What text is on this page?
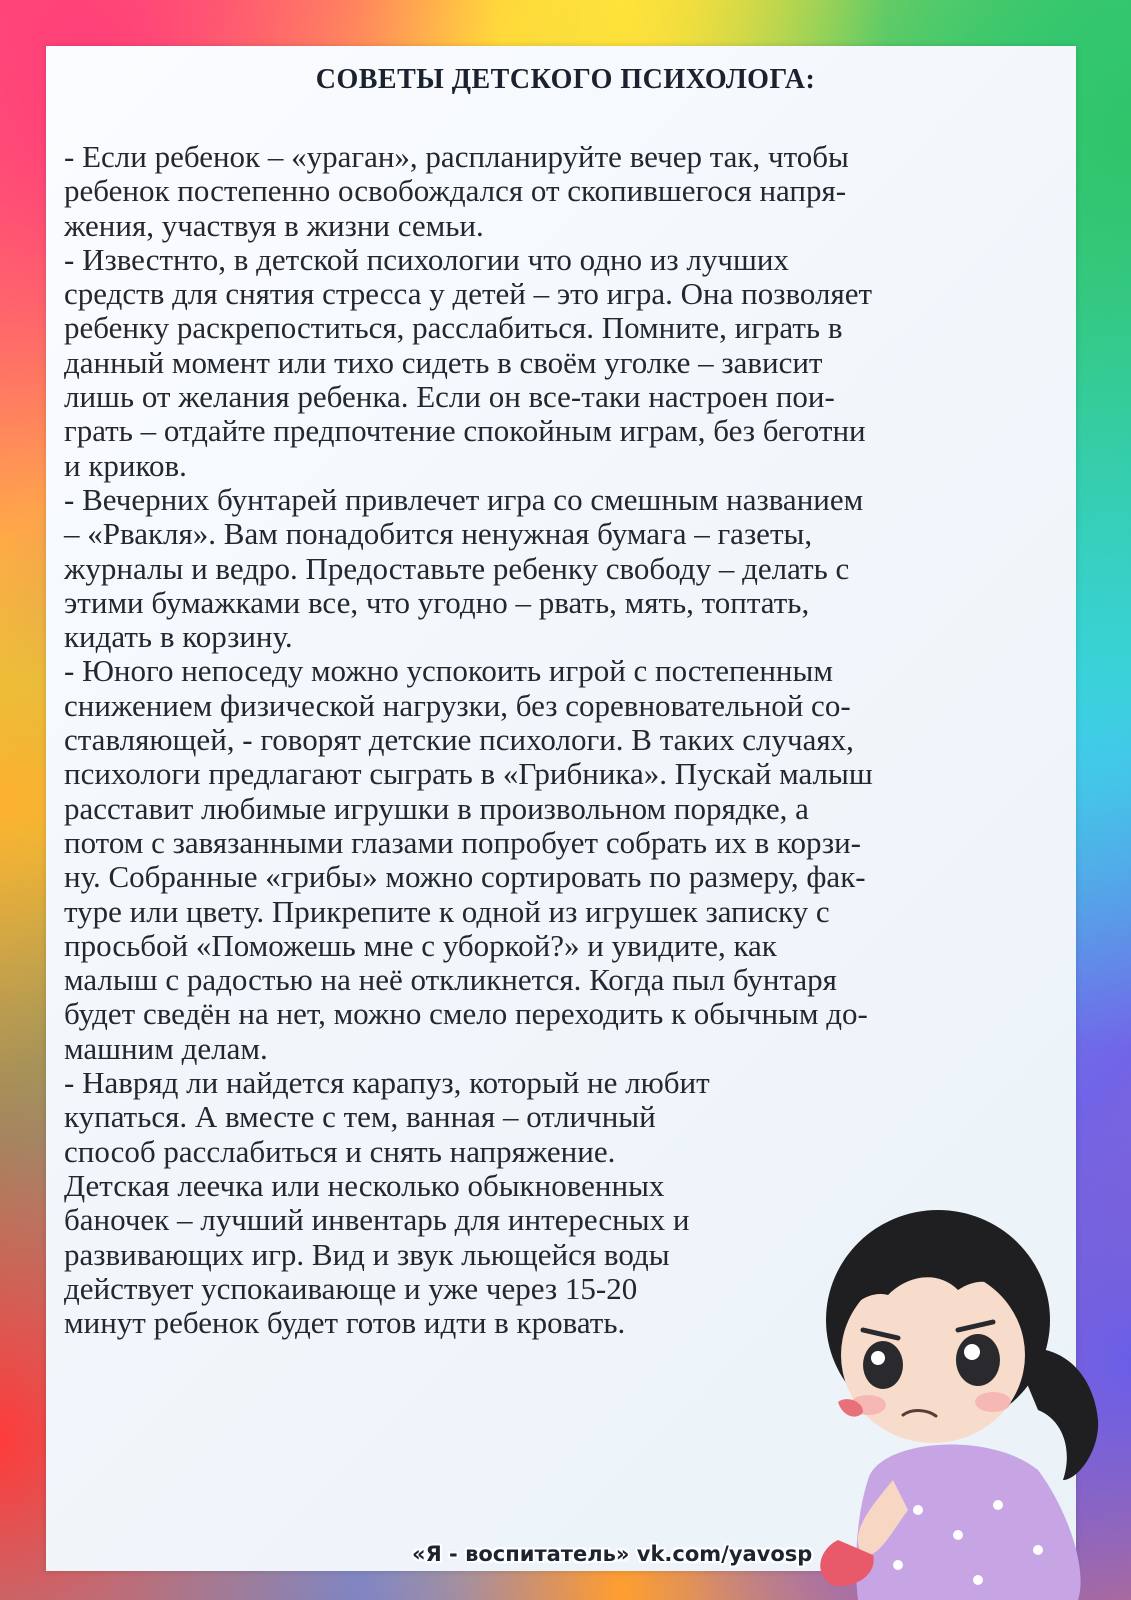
СОВЕТЫ ДЕТСКОГО ПСИХОЛОГА:
- Если ребенок – «ураган», распланируйте вечер так, чтобы
ребенок постепенно освобождался от скопившегося напря-
жения, участвуя в жизни семьи.
- Известнто, в детской психологии что одно из лучших
средств для снятия стресса у детей – это игра. Она позволяет
ребенку раскрепоститься, расслабиться. Помните, играть в
данный момент или тихо сидеть в своём уголке – зависит
лишь от желания ребенка. Если он все-таки настроен пои-
грать – отдайте предпочтение спокойным играм, без беготни
и криков.
- Вечерних бунтарей привлечет игра со смешным названием
– «Рвакля». Вам понадобится ненужная бумага – газеты,
журналы и ведро. Предоставьте ребенку свободу – делать с
этими бумажками все, что угодно – рвать, мять, топтать,
кидать в корзину.
- Юного непоседу можно успокоить игрой с постепенным
снижением физической нагрузки, без соревновательной со-
ставляющей, - говорят детские психологи. В таких случаях,
психологи предлагают сыграть в «Грибника». Пускай малыш
расставит любимые игрушки в произвольном порядке, а
потом с завязанными глазами попробует собрать их в корзи-
ну. Собранные «грибы» можно сортировать по размеру, фак-
туре или цвету. Прикрепите к одной из игрушек записку с
просьбой «Поможешь мне с уборкой?» и увидите, как
малыш с радостью на неё откликнется. Когда пыл бунтаря
будет сведён на нет, можно смело переходить к обычным до-
машним делам.
- Навряд ли найдется карапуз, который не любит
купаться. А вместе с тем, ванная – отличный
способ расслабиться и снять напряжение.
Детская леечка или несколько обыкновенных
баночек – лучший инвентарь для интересных и
развивающих игр. Вид и звук льющейся воды
действует успокаивающе и уже через 15-20
минут ребенок будет готов идти в кровать.
«Я - воспитатель» vk.com/yavosp
